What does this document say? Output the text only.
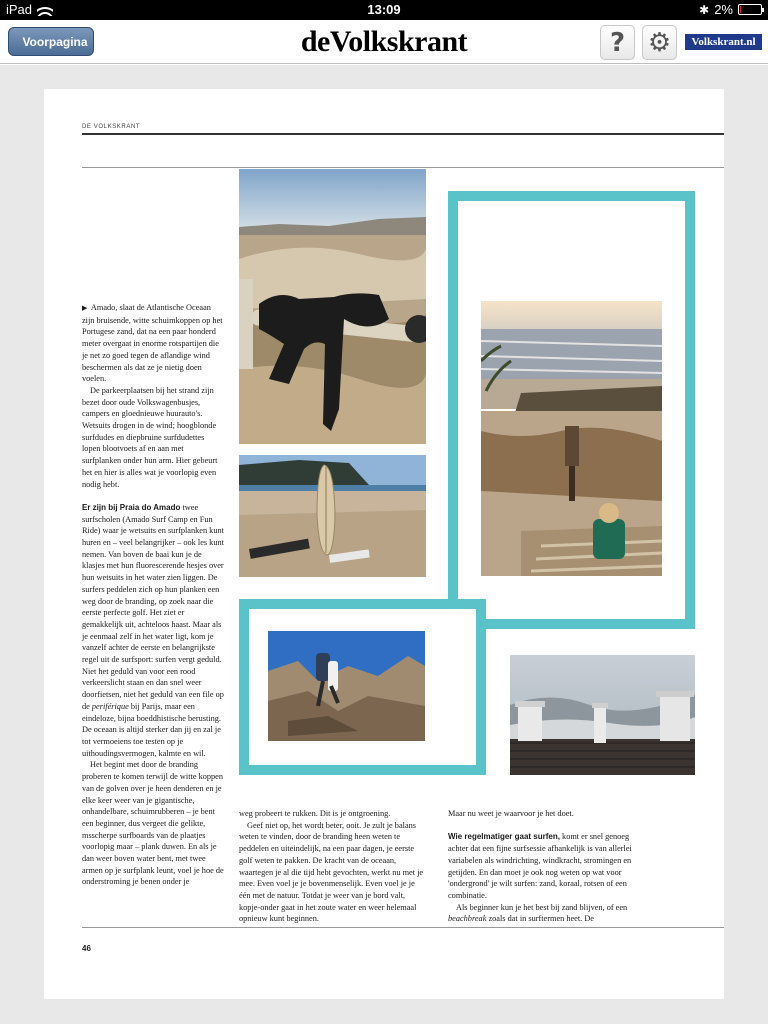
iPad	13:09	✱ 2%
Voorpagina	deVolkskrant	? ⚙	Volkskrant.nl
DE VOLKSKRANT

▶  Amado, slaat de Atlantische Oceaan zijn bruisende, witte schuimkoppen op het Portugese zand, dat na een paar honderd meter overgaat in enorme rotspartijen die je net zo goed tegen de aflandige wind beschermen als dat ze je nietig doen voelen.

De parkeerplaatsen bij het strand zijn bezet door oude Volkswagenbusjes, campers en gloednieuwe huurauto's. Wetsuits drogen in de wind; hoogblonde surfdudes en diepbruine surfdudettes lopen blootvoets af en aan met surfplanken onder hun arm. Hier gebeurt het en hier is alles wat je voorlopig even nodig hebt.

Er zijn bij Praia do Amado twee surfscholen (Amado Surf Camp en Fun Ride) waar je wetsuits en surfplanken kunt huren en – veel belangrijker – ook les kunt nemen. Van boven de baai kun je de klasjes met hun fluorescerende hesjes over hun wetsuits in het water zien liggen. De surfers peddelen zich op hun planken een weg door de branding, op zoek naar die eerste perfecte golf. Het ziet er gemakkelijk uit, achteloos haast. Maar als je eenmaal zelf in het water ligt, kom je vanzelf achter de eerste en belangrijkste regel uit de surfsport: surfen vergt geduld. Niet het geduld van voor een rood verkeerslicht staan en dan snel weer doorfietsen, niet het geduld van een file op de periférique bij Parijs, maar een eindeloze, bijna boeddhistische berusting. De oceaan is altijd sterker dan jij en zal je tot vermoeiens toe testen op je uithoudingsvermogen, kalmte en wil.

Het begint met door de branding proberen te komen terwijl de witte koppen van de golven over je heen denderen en je elke keer weer van je gigantische, onhandelbare, schuimrubberen – je bent een beginner, dus vergeet die gelikte, msscherpe surfboards van de plaatjes voorlopig maar – plank duwen. En als je dan weer boven water bent, met twee armen op je surfplank leunt, voel je hoe de onderstroming je benen onder je

weg probeert te rukken. Dit is je ontgroening.

Geef niet op, het wordt beter, ooit. Je zult je balans weten te vinden, door de branding heen weten te peddelen en uiteindelijk, na een paar dagen, je eerste golf weten te pakken. De kracht van de oceaan, waartegen je al die tijd hebt gevochten, werkt nu met je mee. Even voel je je bovenmenselijk. Even voel je je één met de natuur. Totdat je weer van je bord valt, kopje-onder gaat in het zoute water en weer helemaal opnieuw kunt beginnen.

Maar nu weet je waarvoor je het doet.

Wie regelmatiger gaat surfen, komt er snel genoeg achter dat een fijne surfsessie afhankelijk is van allerlei variabelen als windrichting, windkracht, stromingen en getijden. En dan moet je ook nog weten op wat voor 'ondergrond' je wilt surfen: zand, koraal, rotsen of een combinatie.

Als beginner kun je het best bij zand blijven, of een beachbreak zoals dat in surftermen heet. De

46
